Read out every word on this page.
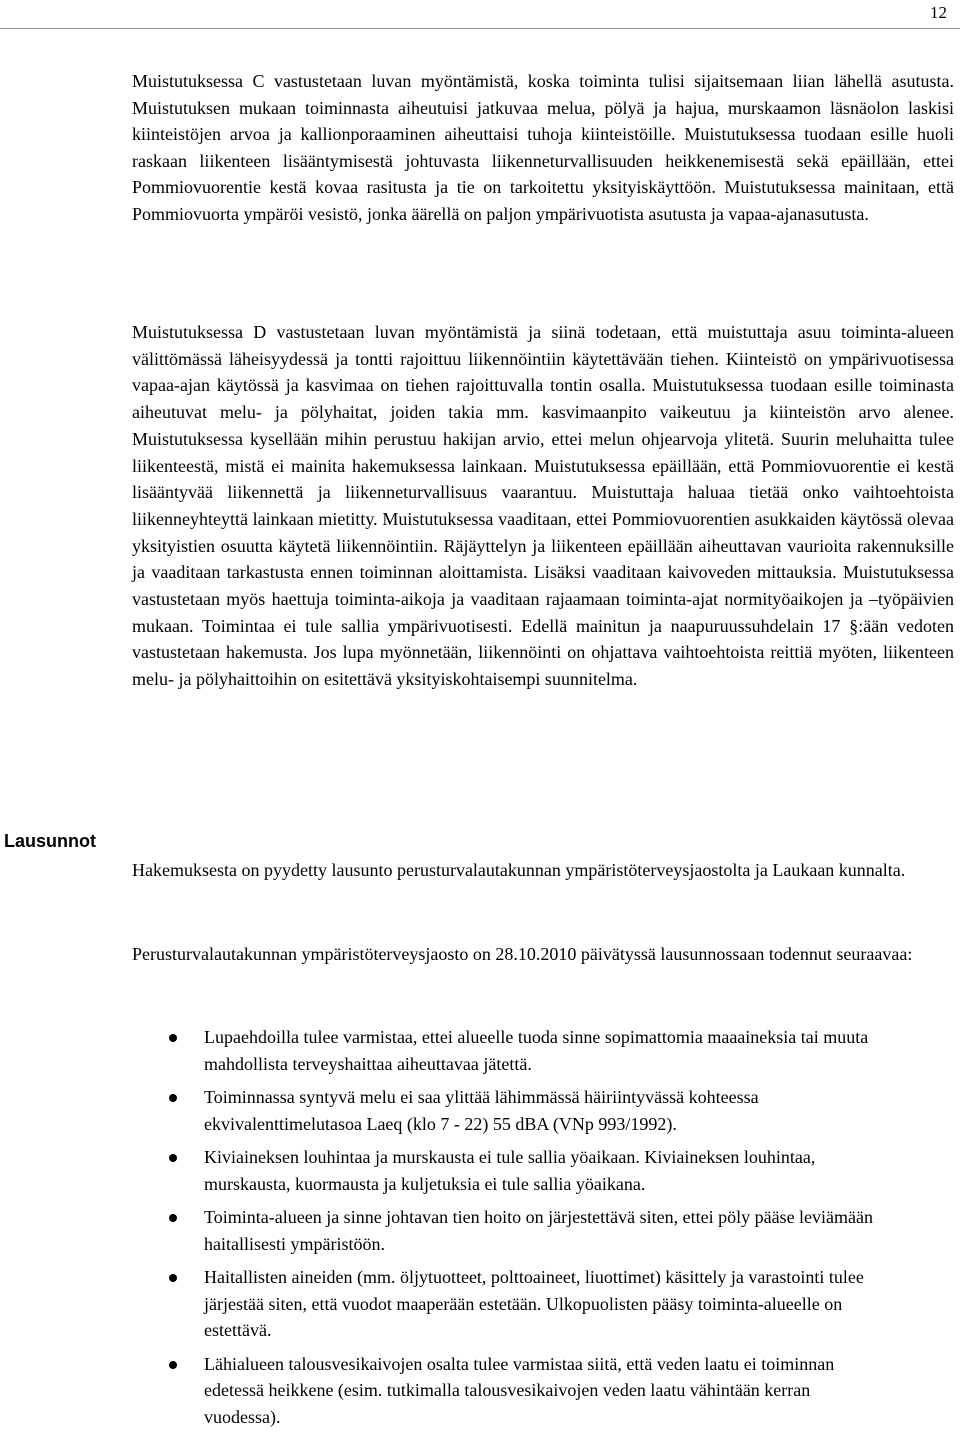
12

Muistutuksessa C vastustetaan luvan myöntämistä, koska toiminta tulisi sijaitsemaan liian lähellä asutusta. Muistutuksen mukaan toiminnasta aiheutuisi jatkuvaa melua, pölyä ja hajua, murskaamon läsnäolon laskisi kiinteistöjen arvoa ja kallionporaaminen aiheuttaisi tuhoja kiinteistöille. Muistutuksessa tuodaan esille huoli raskaan liikenteen lisääntymisestä johtuvasta liikenneturvallisuuden heikkenemisestä sekä epäillään, ettei Pommiovuorentie kestä kovaa rasitusta ja tie on tarkoitettu yksityiskäyttöön. Muistutuksessa mainitaan, että Pommiovuorta ympäröi vesistö, jonka äärellä on paljon ympärivuotista asutusta ja vapaa-ajanasutusta.

Muistutuksessa D vastustetaan luvan myöntämistä ja siinä todetaan, että muistuttaja asuu toiminta-alueen välittömässä läheisyydessä ja tontti rajoittuu liikennöintiin käytettävään tiehen. Kiinteistö on ympärivuotisessa vapaa-ajan käytössä ja kasvimaa on tiehen rajoittuvalla tontin osalla. Muistutuksessa tuodaan esille toiminasta aiheutuvat melu- ja pölyhaitat, joiden takia mm. kasvimaanpito vaikeutuu ja kiinteistön arvo alenee. Muistutuksessa kysellään mihin perustuu hakijan arvio, ettei melun ohjearvoja ylitetä. Suurin meluhaitta tulee liikenteestä, mistä ei mainita hakemuksessa lainkaan. Muistutuksessa epäillään, että Pommiovuorentie ei kestä lisääntyvää liikennettä ja liikenneturvallisuus vaarantuu. Muistuttaja haluaa tietää onko vaihtoehtoista liikenneyhteyttä lainkaan mietitty. Muistutuksessa vaaditaan, ettei Pommiovuorentien asukkaiden käytössä olevaa yksityistien osuutta käytetä liikennöintiin. Räjäyttelyn ja liikenteen epäillään aiheuttavan vaurioita rakennuksille ja vaaditaan tarkastusta ennen toiminnan aloittamista. Lisäksi vaaditaan kaivoveden mittauksia. Muistutuksessa vastustetaan myös haettuja toiminta-aikoja ja vaaditaan rajaamaan toiminta-ajat normityöaikojen ja –työpäivien mukaan. Toimintaa ei tule sallia ympärivuotisesti. Edellä mainitun ja naapuruussuhdelain 17 §:ään vedoten vastustetaan hakemusta. Jos lupa myönnetään, liikennöinti on ohjattava vaihtoehtoista reittiä myöten, liikenteen melu- ja pölyhaittoihin on esitettävä yksityiskohtaisempi suunnitelma.

Lausunnot

Hakemuksesta on pyydetty lausunto perusturvalautakunnan ympäristöterveysjaostolta ja Laukaan kunnalta.

Perusturvalautakunnan ympäristöterveysjaosto on 28.10.2010 päivätyssä lausunnossaan todennut seuraavaa:

Lupaehdoilla tulee varmistaa, ettei alueelle tuoda sinne sopimattomia maaaineksia tai muuta mahdollista terveyshaittaa aiheuttavaa jätettä.
Toiminnassa syntyvä melu ei saa ylittää lähimmässä häiriintyvässä kohteessa ekvivalenttimelutasoa Laeq (klo 7 - 22) 55 dBA (VNp 993/1992).
Kiviaineksen louhintaa ja murskausta ei tule sallia yöaikaan. Kiviaineksen louhintaa, murskausta, kuormausta ja kuljetuksia ei tule sallia yöaikana.
Toiminta-alueen ja sinne johtavan tien hoito on järjestettävä siten, ettei pöly pääse leviämään haitallisesti ympäristöön.
Haitallisten aineiden (mm. öljytuotteet, polttoaineet, liuottimet) käsittely ja varastointi tulee järjestää siten, että vuodot maaperään estetään. Ulkopuolisten pääsy toiminta-alueelle on estettävä.
Lähialueen talousvesikaivojen osalta tulee varmistaa siitä, että veden laatu ei toiminnan edetessä heikkene (esim. tutkimalla talousvesikaivojen veden laatu vähintään kerran vuodessa).
